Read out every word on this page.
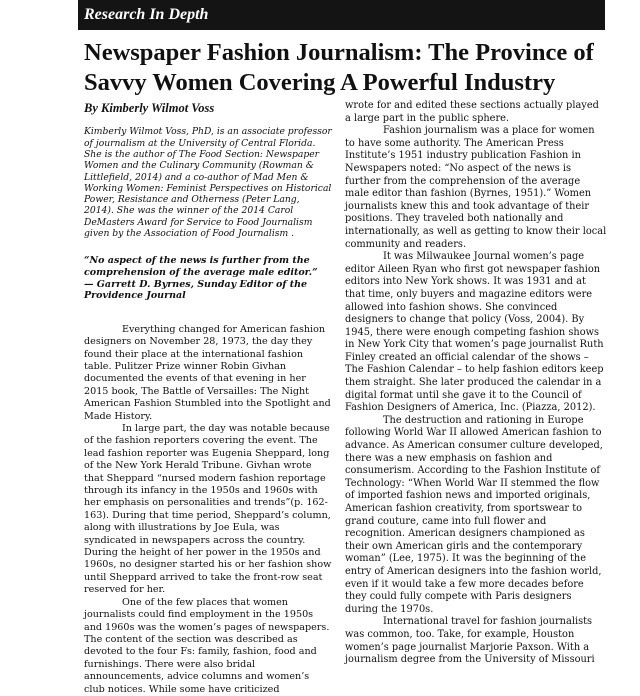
Research In Depth
Newspaper Fashion Journalism: The Province of Savvy Women Covering A Powerful Industry
By Kimberly Wilmot Voss

Kimberly Wilmot Voss, PhD, is an associate professor of journalism at the University of Central Florida. She is the author of The Food Section: Newspaper Women and the Culinary Community (Rowman & Littlefield, 2014) and a co-author of Mad Men & Working Women: Feminist Perspectives on Historical Power, Resistance and Otherness (Peter Lang, 2014). She was the winner of the 2014 Carol DeMasters Award for Service to Food Journalism given by the Association of Food Journalism .

“No aspect of the news is further from the comprehension of the average male editor.”
— Garrett D. Byrnes, Sunday Editor of the Providence Journal

Everything changed for American fashion designers on November 28, 1973, the day they found their place at the international fashion table. Pulitzer Prize winner Robin Givhan documented the events of that evening in her 2015 book, The Battle of Versailles: The Night American Fashion Stumbled into the Spotlight and Made History.

In large part, the day was notable because of the fashion reporters covering the event. The lead fashion reporter was Eugenia Sheppard, long of the New York Herald Tribune. Givhan wrote that Sheppard “nursed modern fashion reportage through its infancy in the 1950s and 1960s with her emphasis on personalities and trends”(p. 162-163). During that time period, Sheppard’s column, along with illustrations by Joe Eula, was syndicated in newspapers across the country. During the height of her power in the 1950s and 1960s, no designer started his or her fashion show until Sheppard arrived to take the front-row seat reserved for her.

One of the few places that women journalists could find employment in the 1950s and 1960s was the women’s pages of newspapers. The content of the section was described as devoted to the four Fs: family, fashion, food and furnishings. There were also bridal announcements, advice columns and women’s club notices. While some have criticized

wrote for and edited these sections actually played a large part in the public sphere.

Fashion journalism was a place for women to have some authority. The American Press Institute’s 1951 industry publication Fashion in Newspapers noted: “No aspect of the news is further from the comprehension of the average male editor than fashion (Byrnes, 1951).” Women journalists knew this and took advantage of their positions. They traveled both nationally and internationally, as well as getting to know their local community and readers.

It was Milwaukee Journal women’s page editor Aileen Ryan who first got newspaper fashion editors into New York shows. It was 1931 and at that time, only buyers and magazine editors were allowed into fashion shows. She convinced designers to change that policy (Voss, 2004). By 1945, there were enough competing fashion shows in New York City that women’s page journalist Ruth Finley created an official calendar of the shows – The Fashion Calendar – to help fashion editors keep them straight. She later produced the calendar in a digital format until she gave it to the Council of Fashion Designers of America, Inc. (Piazza, 2012).

The destruction and rationing in Europe following World War II allowed American fashion to advance. As American consumer culture developed, there was a new emphasis on fashion and consumerism. According to the Fashion Institute of Technology: “When World War II stemmed the flow of imported fashion news and imported originals, American fashion creativity, from sportswear to grand couture, came into full flower and recognition. American designers championed as their own American girls and the contemporary woman” (Lee, 1975). It was the beginning of the entry of American designers into the fashion world, even if it would take a few more decades before they could fully compete with Paris designers during the 1970s.

International travel for fashion journalists was common, too. Take, for example, Houston women’s page journalist Marjorie Paxson. With a journalism degree from the University of Missouri
